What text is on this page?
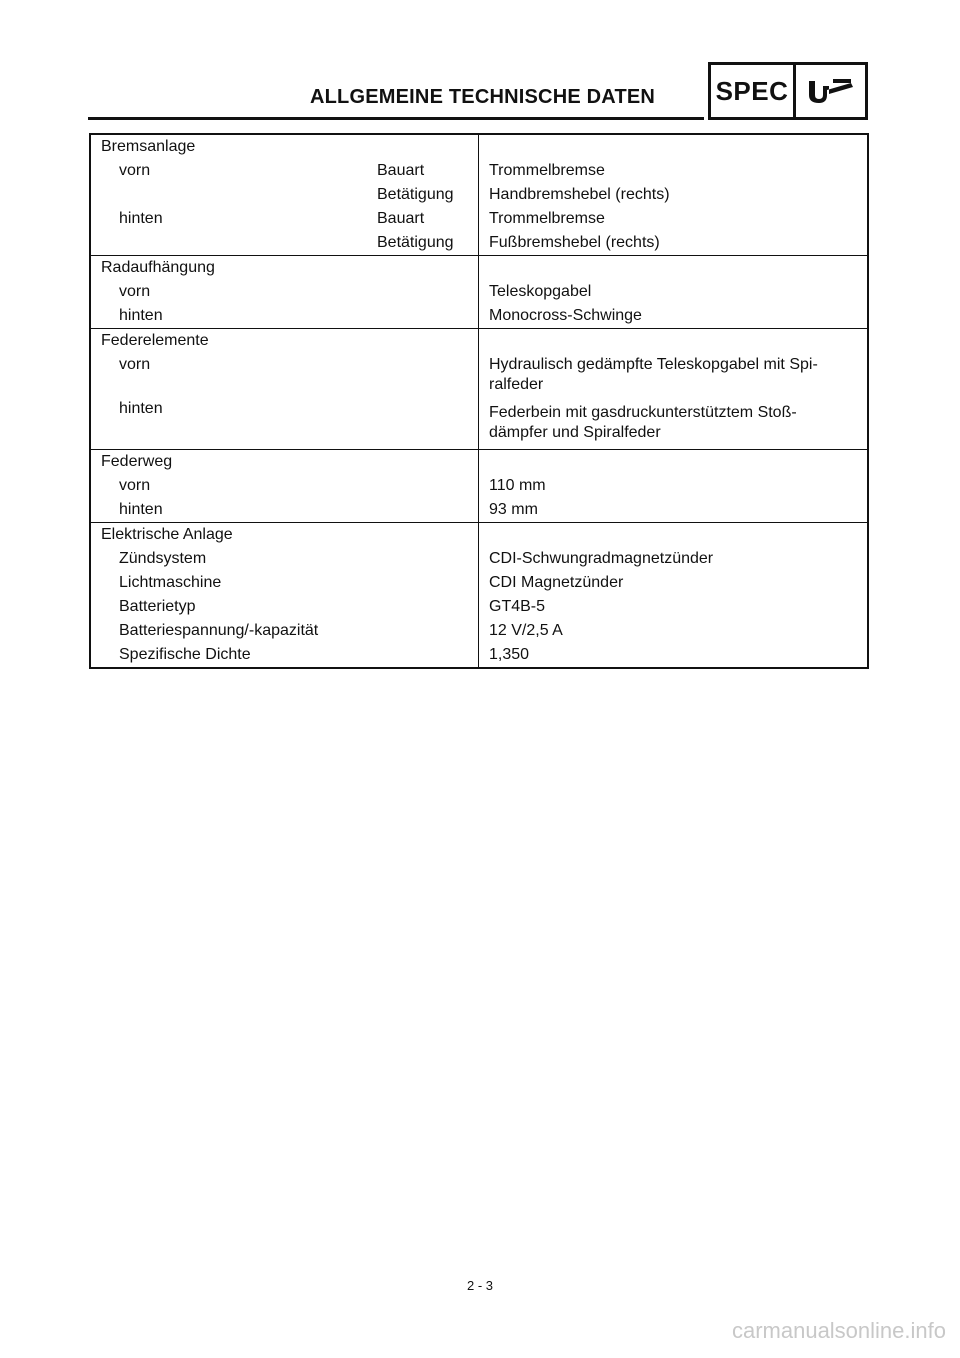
ALLGEMEINE TECHNISCHE DATEN SPEC
Bremsanlage
vorn	Bauart
Betätigung
hinten	Bauart
Betätigung
Trommelbremse
Handbremshebel (rechts)
Trommelbremse
Fußbremshebel (rechts)
Radaufhängung
vorn
hinten
Teleskopgabel
Monocross-Schwinge
Federelemente
vorn
hinten
Hydraulisch gedämpfte Teleskopgabel mit Spi-ralfeder
Federbein mit gasdruckunterstütztem Stoß-dämpfer und Spiralfeder
Federweg
vorn
hinten
110 mm
93 mm
Elektrische Anlage
Zündsystem
Lichtmaschine
Batterietyp
Batteriespannung/-kapazität
Spezifische Dichte
CDI-Schwungradmagnetzünder
CDI Magnetzünder
GT4B-5
12 V/2,5 A
1,350
2 - 3
carmanualsonline.info
